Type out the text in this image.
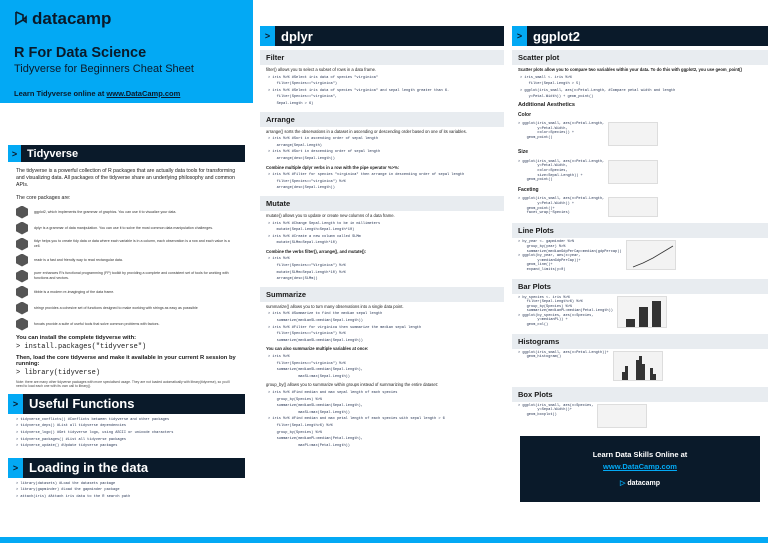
datacamp
R For Data Science
Tidyverse for Beginners Cheat Sheet
Learn Tidyverse online at www.DataCamp.com
> Tidyverse
The tidyverse is a powerful collection of R packages that are actually data tools for transforming and visualizing data. All packages of the tidyverse share an underlying philosophy and common APIs.
The core packages are:
ggplot2, which implements the grammar of graphics. You can use it to visualize your data.
dplyr is a grammar of data manipulation. You can use it to solve the most common data manipulation challenges.
tidyr helps you to create tidy data or data where each variable is in a column, each observation is a row and each value is a cell.
readr is a fast and friendly way to read rectangular data.
purrr enhances R's functional programming (FP) toolkit by providing a complete and consistent set of tools for working with functions and vectors.
tibble is a modern re-imaginging of the data frame.
stringr provides a cohesive set of functions designed to make working with strings as easy as posssible
forcats provide a suite of useful tools that solve common problems with factors.
You can install the complete tidyverse with:
> install.packages("tidyverse")
Then, load the core tidyverse and make it available in your current R session by running:
> library(tidyverse)
Note: there are many other tidyverse packages with more specialised usage. They are not loaded automatically with library(tidyverse), so you'll need to load each one with its own call to library().
> Useful Functions
> tidyverse_conflicts() #Conflicts between tidyverse and other packages
> tidyverse_deps() #List all tidyverse dependencies
> tidyverse_logo() #Get tidyverse logo, using ASCII or unicode characters
> tidyverse_packages() #List all tidyverse packages
> tidyverse_update() #Update tidyverse packages
> Loading in the data
> library(datasets) #Load the datasets package
> library(gapminder) #Load the gapminder package
> attach(iris) #Attach iris data to the R search path
> dplyr
Filter
filter() allows you to select a subset of rows in a data frame.
> iris %>% #Select iris data of species "virginica"
filter(Species=="virginica")
> iris %>% #Select iris data of species "virginica" and sepal length greater than 6.
filter(Species=="virginica",
Sepal.Length > 6)
Arrange
arrange() sorts the observations in a dataset in ascending or descending order based on one of its variables.
> iris %>% #Sort in ascending order of sepal length
arrange(Sepal.Length)
> iris %>% #Sort in descending order of sepal length
arrange(desc(Sepal.Length))
Combine multiple dplyr verbs in a row with the pipe operator %>%:
> iris %>% #Filter for species "virginica" then arrange in descending order of sepal length
filter(Species=="virginica") %>%
arrange(desc(Sepal.Length))
Mutate
mutate() allows you to update or create new columns of a data frame.
> iris %>% #Change Sepal.Length to be in millimeters
mutate(Sepal.Length=Sepal.Length*10)
> iris %>% #Create a new column called SLMm
mutate(SLMm=Sepal.Length*10)
Combine the verbs filter(), arrange(), and mutate():
> iris %>%
filter(Species=="Virginica") %>%
mutate(SLMm=Sepal.Length*10) %>%
arrange(desc(SLMm))
Summarize
summarize() allows you to turn many observations into a single data point.
> iris %>% #Summarize to find the median sepal length
summarize(medianSL=median(Sepal.Length))
> iris %>% #Filter for virginica then summarize the median sepal length
filter(Species=="virginica") %>%
summarize(medianSL=median(Sepal.Length))
You can also summarize multiple variables at once:
> iris %>%
filter(Species=="virginica") %>%
summarize(medianSL=median(Sepal.Length),
maxSL=max(Sepal.Length))
group_by() allows you to summarize within groups instead of summarizing the entire dataset:
> iris %>% #Find median and max sepal length of each species
group_by(Species) %>%
summarize(medianSL=median(Sepal.Length),
maxSL=max(Sepal.Length))
> iris %>% #Find median and max petal length of each species with sepal length > 6
filter(Sepal.Length>6) %>%
group_by(Species) %>%
summarize(medianPL=median(Petal.Length),
maxPL=max(Petal.Length))
> ggplot2
Scatter plot
Scatter plots allow you to compare two variables within your data. To do this with ggplot2, you use geom_point()
> iris_small <- iris %>%
filter(Sepal.Length > 5)
> ggplot(iris_small, aes(x=Petal.Length, #Compare petal width and length
y=Petal.Width)) + geom_point()
Additional Aesthetics
Color
> ggplot(iris_small, aes(x=Petal.Length,
y=Petal.Width,
color=Species)) +
geom_point()
Size
> ggplot(iris_small, aes(x=Petal.Length,
y=Petal.Width,
color=Species,
size=Sepal.Length)) +
geom_point()
Faceting
> ggplot(iris_small, aes(x=Petal.Length,
y=Petal.Width)) +
geom_point()+
facet_wrap(~Species)
Line Plots
> by_year <- gapminder %>%
group_by(year) %>%
summarize(medianGdpPerCap=median(gdpPercap))
> ggplot(by_year, aes(x=year,
y=medianGdpPerCap))+
geom_line()+
expand_limits(y=0)
Bar Plots
> by_species <- iris %>%
filter(Sepal.Length>6) %>%
group_by(Species) %>%
summarize(medianPL=median(Petal.Length))
> ggplot(by_species, aes(x=Species,
y=medianPL)) +
geom_col()
Histograms
> ggplot(iris_small, aes(x=Petal.Length))+
geom_histogram()
Box Plots
> ggplot(iris_small, aes(x=Species,
y=Sepal.Width))+
geom_boxplot()
Learn Data Skills Online at
www.DataCamp.com
▷ datacamp
